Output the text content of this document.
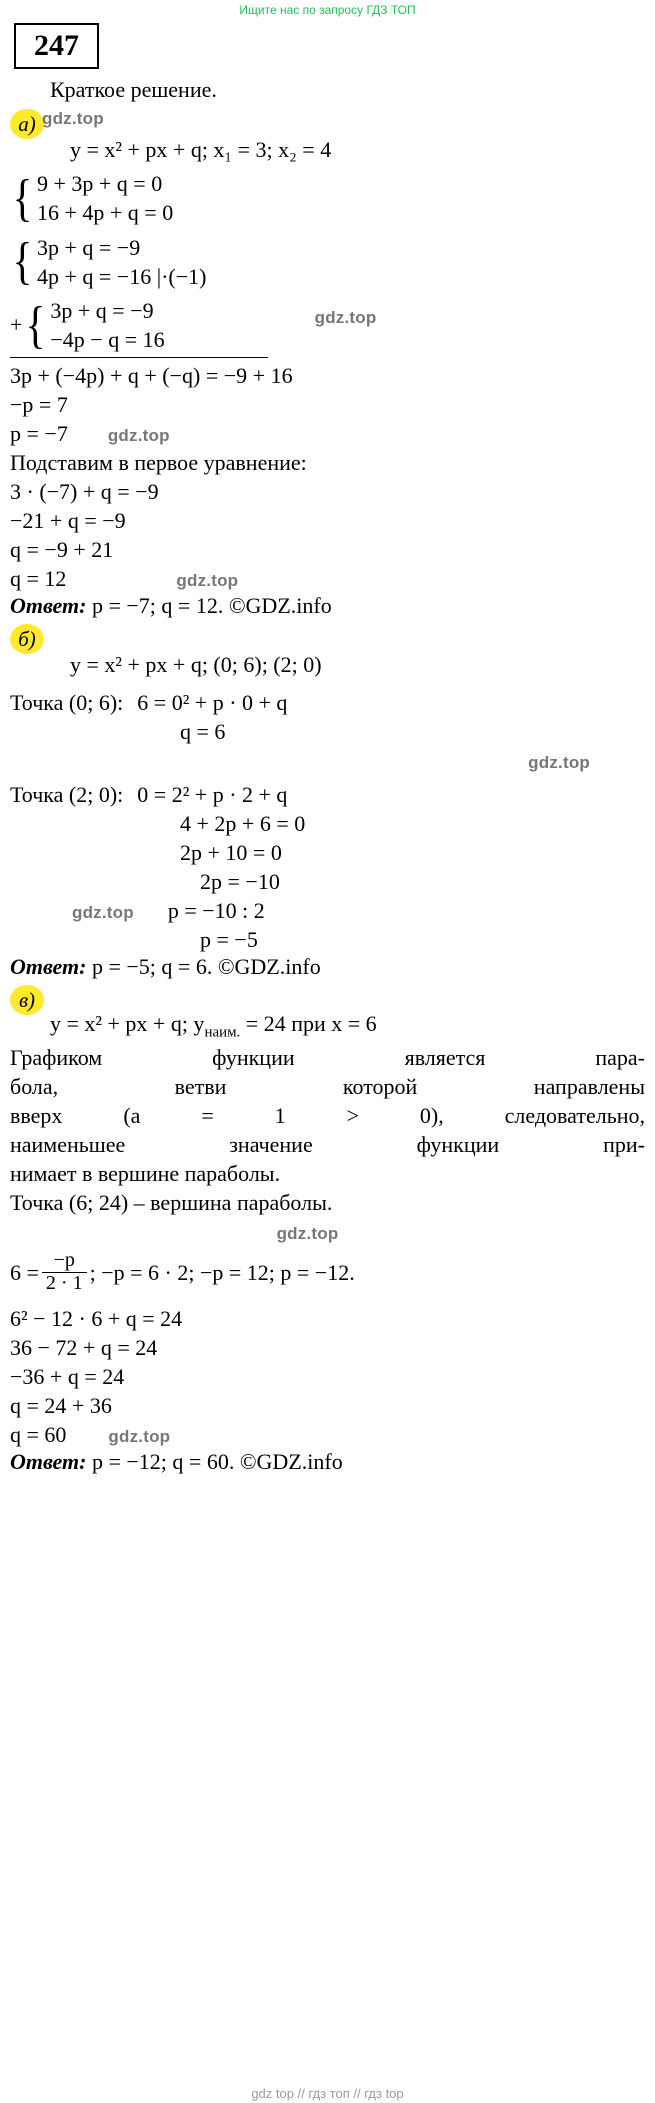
Ищите нас по запросу ГДЗ ТОП
247
Краткое решение.
а) gdz.top
y = x² + px + q; x₁ = 3; x₂ = 4
{ 9 + 3p + q = 0
16 + 4p + q = 0
{ 3p + q = −9
4p + q = −16 |·(−1)
+ { 3p + q = −9
−4p − q = 16
gdz.top
3p + (−4p) + q + (−q) = −9 + 16
−p = 7
p = −7 gdz.top
Подставим в первое уравнение:
3 · (−7) + q = −9
−21 + q = −9
q = −9 + 21
q = 12	gdz.top
Ответ: p = −7; q = 12. ©GDZ.info
б)
y = x² + px + q; (0; 6); (2; 0)
Точка (0; 6): 6 = 0² + p · 0 + q
q = 6
gdz.top
Точка (2; 0): 0 = 2² + p · 2 + q
4 + 2p + 6 = 0
2p + 10 = 0
2p = −10
gdz.top p = −10 : 2
p = −5
Ответ: p = −5; q = 6. ©GDZ.info
в)
y = x² + px + q; $y_{наим.} = 24$ при x = 6
Графиком функции является пара-
бола, ветви которой направлены
вверх (a = 1 > 0), следовательно,
наименьшее значение функции при-
нимает в вершине параболы.
Точка (6; 24) – вершина параболы.
gdz.top
$6 = \frac{-p}{2 \cdot 1}$ ; −p = 6 · 2; −p = 12; p = −12.
6² − 12 · 6 + q = 24
36 − 72 + q = 24
−36 + q = 24
q = 24 + 36
q = 60 gdz.top
Ответ: p = −12; q = 60. ©GDZ.info
gdz top // гдз топ // гдз top
